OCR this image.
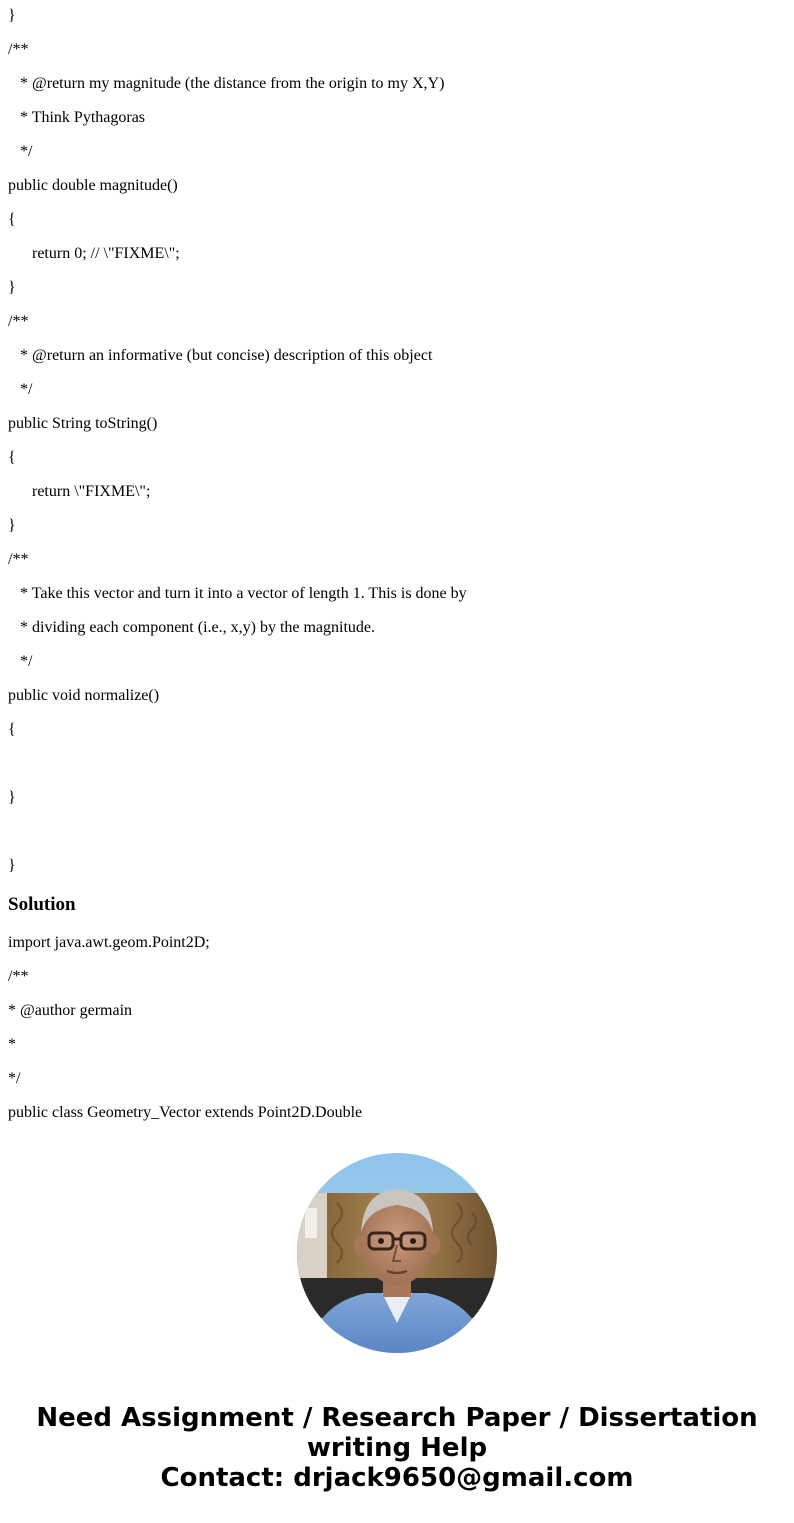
}
/**
* @return my magnitude (the distance from the origin to my X,Y)
* Think Pythagoras
*/
public double magnitude()
{
return 0; // \"FIXME\";
}
/**
* @return an informative (but concise) description of this object
*/
public String toString()
{
return \"FIXME\";
}
/**
* Take this vector and turn it into a vector of length 1. This is done by
* dividing each component (i.e., x,y) by the magnitude.
*/
public void normalize()
{
}
}
Solution
import java.awt.geom.Point2D;
/**
* @author germain
*
*/
public class Geometry_Vector extends Point2D.Double
Need Assignment / Research Paper / Dissertation
writing Help
Contact: drjack9650@gmail.com
